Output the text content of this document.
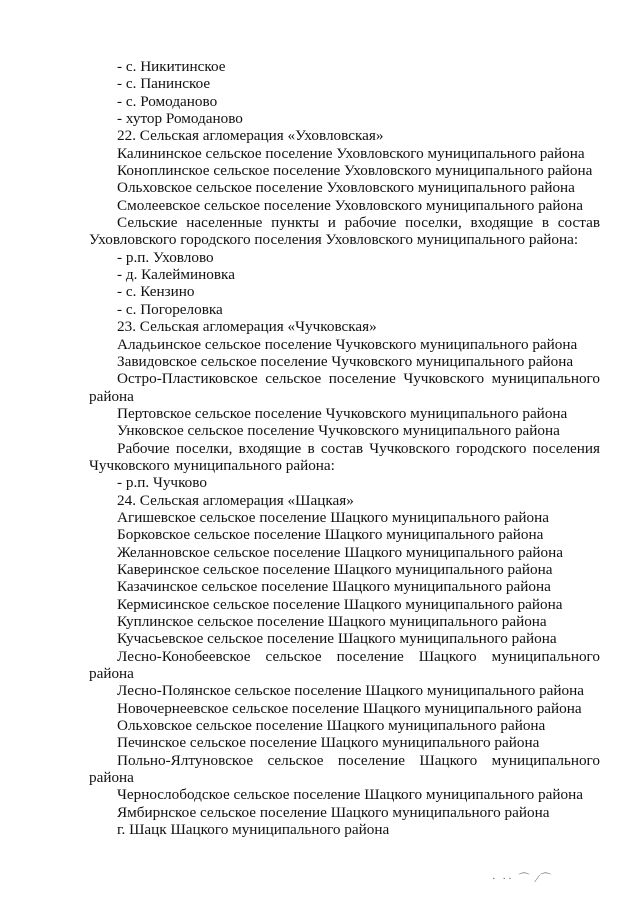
- с. Никитинское
- с. Панинское
- с. Ромоданово
- хутор Ромоданово
22. Сельская агломерация «Уховловская»
Калининское сельское поселение Уховловского муниципального района
Коноплинское сельское поселение Уховловского муниципального района
Ольховское сельское поселение Уховловского муниципального района
Смолеевское сельское поселение Уховловского муниципального района
Сельские населенные пункты и рабочие поселки, входящие в состав
Уховловского городского поселения Уховловского муниципального района:
- р.п. Уховлово
- д. Калейминовка
- с. Кензино
- с. Погореловка
23. Сельская агломерация «Чучковская»
Аладьинское сельское поселение Чучковского муниципального района
Завидовское сельское поселение Чучковского муниципального района
Остро-Пластиковское сельское поселение Чучковского муниципального
района
Пертовское сельское поселение Чучковского муниципального района
Унковское сельское поселение Чучковского муниципального района
Рабочие поселки, входящие в состав Чучковского городского поселения
Чучковского муниципального района:
- р.п. Чучково
24. Сельская агломерация «Шацкая»
Агишевское сельское поселение Шацкого муниципального района
Борковское сельское поселение Шацкого муниципального района
Желанновское сельское поселение Шацкого муниципального района
Каверинское сельское поселение Шацкого муниципального района
Казачинское сельское поселение Шацкого муниципального района
Кермисинское сельское поселение Шацкого муниципального района
Куплинское сельское поселение Шацкого муниципального района
Кучасьевское сельское поселение Шацкого муниципального района
Лесно-Конобеевское сельское поселение Шацкого муниципального
района
Лесно-Полянское сельское поселение Шацкого муниципального района
Новочернеевское сельское поселение Шацкого муниципального района
Ольховское сельское поселение Шацкого муниципального района
Печинское сельское поселение Шацкого муниципального района
Польно-Ялтуновское сельское поселение Шацкого муниципального
района
Чернослободское сельское поселение Шацкого муниципального района
Ямбирнское сельское поселение Шацкого муниципального района
г. Шацк Шацкого муниципального района
· ·· ⌒ ⁄⌒
